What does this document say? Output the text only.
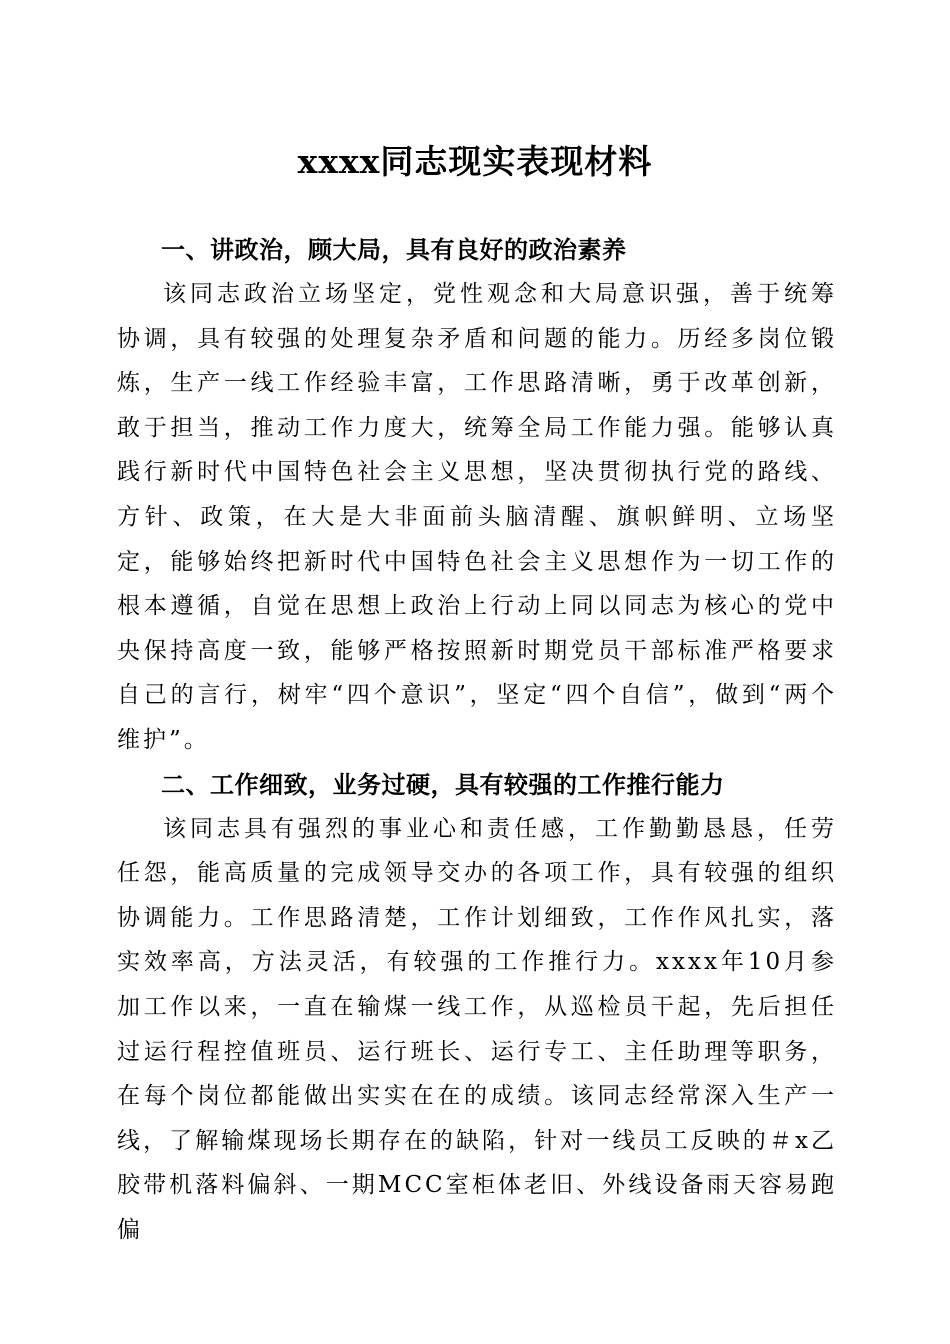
xxxx同志现实表现材料

一、讲政治，顾大局，具有良好的政治素养

该同志政治立场坚定，党性观念和大局意识强，善于统筹协调，具有较强的处理复杂矛盾和问题的能力。历经多岗位锻炼，生产一线工作经验丰富，工作思路清晰，勇于改革创新，敢于担当，推动工作力度大，统筹全局工作能力强。能够认真践行新时代中国特色社会主义思想，坚决贯彻执行党的路线、方针、政策，在大是大非面前头脑清醒、旗帜鲜明、立场坚定，能够始终把新时代中国特色社会主义思想作为一切工作的根本遵循，自觉在思想上政治上行动上同以同志为核心的党中央保持高度一致，能够严格按照新时期党员干部标准严格要求自己的言行，树牢“四个意识”，坚定“四个自信”，做到“两个维护”。

二、工作细致，业务过硬，具有较强的工作推行能力

该同志具有强烈的事业心和责任感，工作勤勤恳恳，任劳任怨，能高质量的完成领导交办的各项工作，具有较强的组织协调能力。工作思路清楚，工作计划细致，工作作风扎实，落实效率高，方法灵活，有较强的工作推行力。xxxx年10月参加工作以来，一直在输煤一线工作，从巡检员干起，先后担任过运行程控值班员、运行班长、运行专工、主任助理等职务，在每个岗位都能做出实实在在的成绩。该同志经常深入生产一线，了解输煤现场长期存在的缺陷，针对一线员工反映的＃x乙胶带机落料偏斜、一期MCC室柜体老旧、外线设备雨天容易跑偏
